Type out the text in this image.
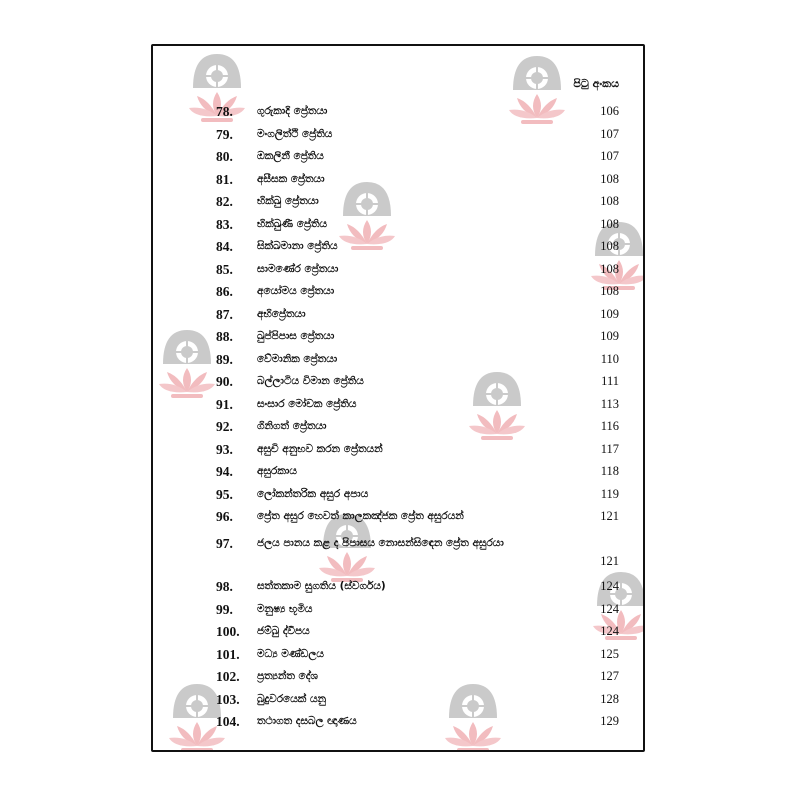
පිටු අංකය
78. ගුරුකාදි ප්‍රේතයා	106
79. මංගලිත්ථි ප්‍රේතිය	107
80. ඔකලිනී ප්‍රේතිය	107
81. අසීසක ප්‍රේතයා	108
82. භික්ඛු ප්‍රේතයා	108
83. භික්ඛුණී ප්‍රේතිය	108
84. සික්ඛමානා ප්‍රේතිය	108
85. සාමණේර ප්‍රේතයා	108
86. අයෝමය ප්‍රේතයා	108
87. අභිප්‍රේතයා	109
88. ඛුප්පිපාස ප්‍රේතයා	109
89. වේමානික ප්‍රේතයා	110
90. බල්ලාටිය විමාන ප්‍රේතිය	111
91. සංසාර මෝචක ප්‍රේතිය	113
92. ගිනිගත් ප්‍රේතයා	116
93. අසුචි අනුභව කරන ප්‍රේතයන්	117
94. අසුරකාය	118
95. ලෝකන්තරික අසුර අපාය	119
96. ප්‍රේත අසුර හෙවත් කාලකඤ්ජක ප්‍රේත අසුරයන්	121
97. ජලය පානය කළ ද පිපාසය නොසන්සිඳෙන ප්‍රේත අසුරයා
121
98. සත්තකාම සුගතිය (ස්වර්ගය)	124
99. මනුෂ්‍ය භූමිය	124
100. ජම්බු ද්වීපය	124
101. මධ්‍ය මණ්ඩලය	125
102. ප්‍රත්‍යන්ත දේශ	127
103. බුදුවරයෙක් යනු	128
104. තථාගත දසබල ඥාණය	129
